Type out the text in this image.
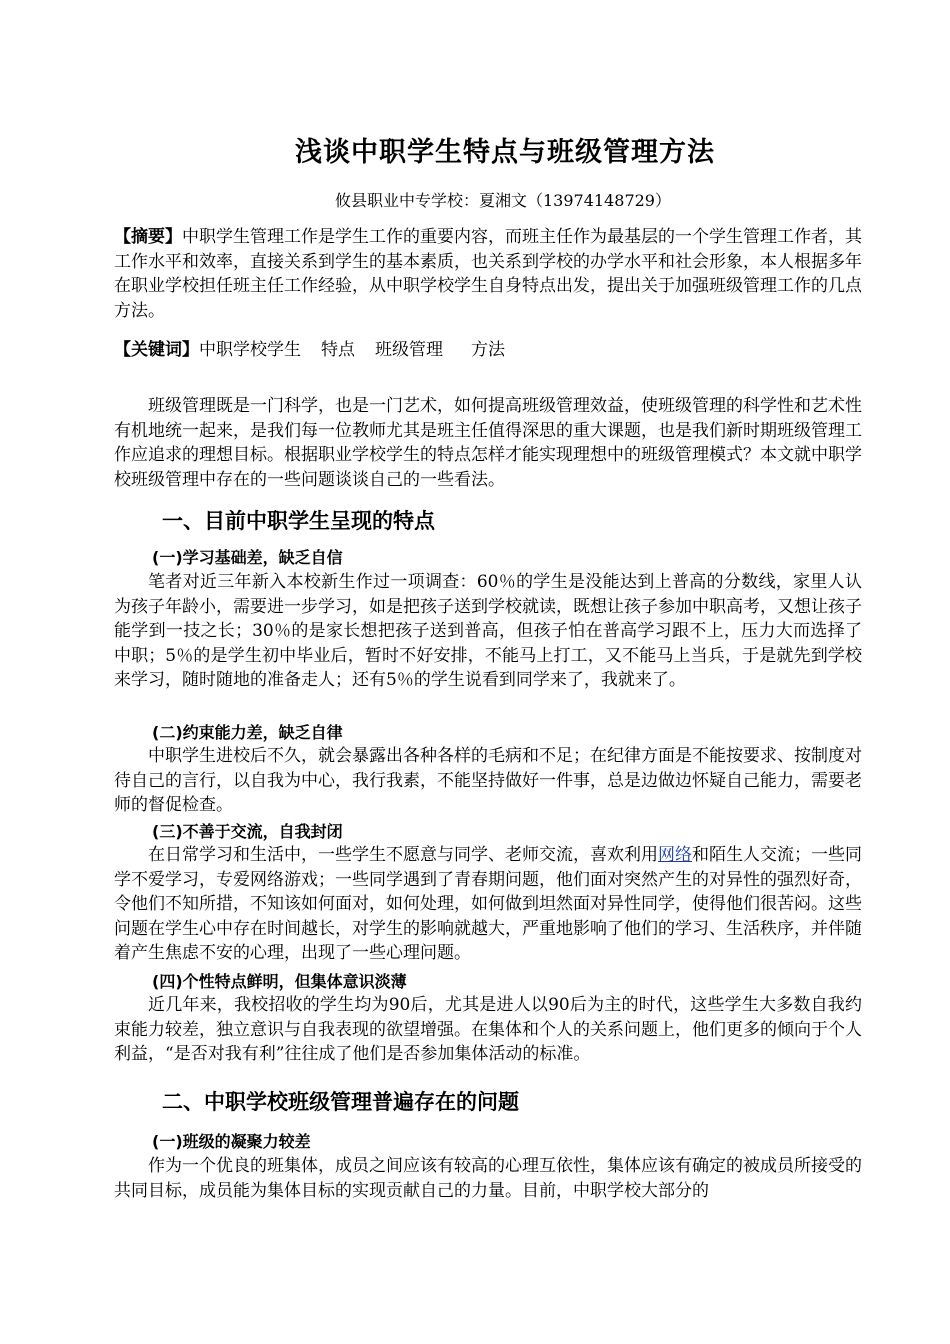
浅谈中职学生特点与班级管理方法
攸县职业中专学校：夏湘文（13974148729）
【摘要】中职学生管理工作是学生工作的重要内容，而班主任作为最基层的一个学生管理工作者，其工作水平和效率，直接关系到学生的基本素质，也关系到学校的办学水平和社会形象，本人根据多年在职业学校担任班主任工作经验，从中职学校学生自身特点出发，提出关于加强班级管理工作的几点方法。
【关键词】中职学校学生 特点 班级管理 方法
班级管理既是一门科学，也是一门艺术，如何提高班级管理效益，使班级管理的科学性和艺术性有机地统一起来，是我们每一位教师尤其是班主任值得深思的重大课题，也是我们新时期班级管理工作应追求的理想目标。根据职业学校学生的特点怎样才能实现理想中的班级管理模式？本文就中职学校班级管理中存在的一些问题谈谈自己的一些看法。
一、目前中职学生呈现的特点
(一)学习基础差，缺乏自信
笔者对近三年新入本校新生作过一项调查：60％的学生是没能达到上普高的分数线，家里人认为孩子年龄小，需要进一步学习，如是把孩子送到学校就读，既想让孩子参加中职高考，又想让孩子能学到一技之长；30％的是家长想把孩子送到普高，但孩子怕在普高学习跟不上，压力大而选择了中职；5％的是学生初中毕业后，暂时不好安排，不能马上打工，又不能马上当兵，于是就先到学校来学习，随时随地的准备走人；还有5％的学生说看到同学来了，我就来了。
(二)约束能力差，缺乏自律
中职学生进校后不久，就会暴露出各种各样的毛病和不足；在纪律方面是不能按要求、按制度对待自己的言行，以自我为中心，我行我素，不能坚持做好一件事，总是边做边怀疑自己能力，需要老师的督促检查。
(三)不善于交流，自我封闭
在日常学习和生活中，一些学生不愿意与同学、老师交流，喜欢利用网络和陌生人交流；一些同学不爱学习，专爱网络游戏；一些同学遇到了青春期问题，他们面对突然产生的对异性的强烈好奇，令他们不知所措，不知该如何面对，如何处理，如何做到坦然面对异性同学，使得他们很苦闷。这些问题在学生心中存在时间越长，对学生的影响就越大，严重地影响了他们的学习、生活秩序，并伴随着产生焦虑不安的心理，出现了一些心理问题。
(四)个性特点鲜明，但集体意识淡薄
近几年来，我校招收的学生均为90后，尤其是进人以90后为主的时代，这些学生大多数自我约束能力较差，独立意识与自我表现的欲望增强。在集体和个人的关系问题上，他们更多的倾向于个人利益，“是否对我有利”往往成了他们是否参加集体活动的标准。
二、中职学校班级管理普遍存在的问题
(一)班级的凝聚力较差
作为一个优良的班集体，成员之间应该有较高的心理互依性，集体应该有确定的被成员所接受的共同目标，成员能为集体目标的实现贡献自己的力量。目前，中职学校大部分的
